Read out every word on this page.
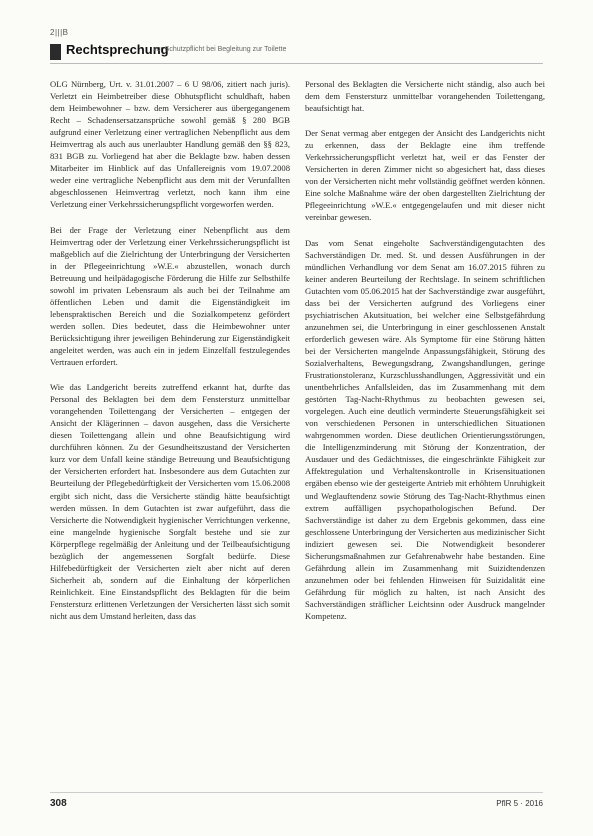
2|||B
Rechtsprechung
zur Schutzpflicht bei Begleitung zur Toilette

OLG Nürnberg, Urt. v. 31.01.2007 – 6 U 98/06, zitiert nach juris). Verletzt ein Heimbetreiber diese Obhutspflicht schuldhaft, haben dem Heimbewohner – bzw. dem Versicherer aus übergegangenem Recht – Schadensersatzansprüche sowohl gemäß § 280 BGB aufgrund einer Verletzung einer vertraglichen Nebenpflicht aus dem Heimvertrag als auch aus unerlaubter Handlung gemäß den §§ 823, 831 BGB zu. Vorliegend hat aber die Beklagte bzw. haben dessen Mitarbeiter im Hinblick auf das Unfallereignis vom 19.07.2008 weder eine vertragliche Nebenpflicht aus dem mit der Verunfallten abgeschlossenen Heimvertrag verletzt, noch kann ihm eine Verletzung einer Verkehrssicherungspflicht vorgeworfen werden.

Bei der Frage der Verletzung einer Nebenpflicht aus dem Heimvertrag oder der Verletzung einer Verkehrssicherungspflicht ist maßgeblich auf die Zielrichtung der Unterbringung der Versicherten in der Pflegeeinrichtung »W.E.« abzustellen, wonach durch Betreuung und heilpädagogische Förderung die Hilfe zur Selbsthilfe sowohl im privaten Lebensraum als auch bei der Teilnahme am öffentlichen Leben und damit die Eigenständigkeit im lebenspraktischen Bereich und die Sozialkompetenz gefördert werden sollen. Dies bedeutet, dass die Heimbewohner unter Berücksichtigung ihrer jeweiligen Behinderung zur Eigenständigkeit angeleitet werden, was auch ein in jedem Einzelfall festzulegendes Vertrauen erfordert.

Wie das Landgericht bereits zutreffend erkannt hat, durfte das Personal des Beklagten bei dem dem Fenstersturz unmittelbar vorangehenden Toilettengang der Versicherten – entgegen der Ansicht der Klägerinnen – davon ausgehen, dass die Versicherte diesen Toilettengang allein und ohne Beaufsichtigung wird durchführen können. Zu der Gesundheitszustand der Versicherten kurz vor dem Unfall keine ständige Betreuung und Beaufsichtigung der Versicherten erfordert hat. Insbesondere aus dem Gutachten zur Beurteilung der Pflegebedürftigkeit der Versicherten vom 15.06.2008 ergibt sich nicht, dass die Versicherte ständig hätte beaufsichtigt werden müssen. In dem Gutachten ist zwar aufgeführt, dass die Versicherte die Notwendigkeit hygienischer Verrichtungen verkenne, eine mangelnde hygienische Sorgfalt bestehe und sie zur Körperpflege regelmäßig der Anleitung und der Teilbeaufsichtigung bezüglich der angemessenen Sorgfalt bedürfe. Diese Hilfebedürftigkeit der Versicherten zielt aber nicht auf deren Sicherheit ab, sondern auf die Einhaltung der körperlichen Reinlichkeit. Eine Einstandspflicht des Beklagten für die beim Fenstersturz erlittenen Verletzungen der Versicherten lässt sich somit nicht aus dem Umstand herleiten, dass das

Personal des Beklagten die Versicherte nicht ständig, also auch bei dem dem Fenstersturz unmittelbar vorangehenden Toilettengang, beaufsichtigt hat.

Der Senat vermag aber entgegen der Ansicht des Landgerichts nicht zu erkennen, dass der Beklagte eine ihm treffende Verkehrssicherungspflicht verletzt hat, weil er das Fenster der Versicherten in deren Zimmer nicht so abgesichert hat, dass dieses von der Versicherten nicht mehr vollständig geöffnet werden können. Eine solche Maßnahme wäre der oben dargestellten Zielrichtung der Pflegeeinrichtung »W.E.« entgegengelaufen und mit dieser nicht vereinbar gewesen.

Das vom Senat eingeholte Sachverständigengutachten des Sachverständigen Dr. med. St. und dessen Ausführungen in der mündlichen Verhandlung vor dem Senat am 16.07.2015 führen zu keiner anderen Beurteilung der Rechtslage. In seinem schriftlichen Gutachten vom 05.06.2015 hat der Sachverständige zwar ausgeführt, dass bei der Versicherten aufgrund des Vorliegens einer psychiatrischen Akutsituation, bei welcher eine Selbstgefährdung anzunehmen sei, die Unterbringung in einer geschlossenen Anstalt erforderlich gewesen wäre. Als Symptome für eine Störung hätten bei der Versicherten mangelnde Anpassungsfähigkeit, Störung des Sozialverhaltens, Bewegungsdrang, Zwangshandlungen, geringe Frustrationstoleranz, Kurzschlusshandlungen, Aggressivität und ein unentbehrliches Anfallsleiden, das im Zusammenhang mit dem gestörten Tag-Nacht-Rhythmus zu beobachten gewesen sei, vorgelegen. Auch eine deutlich verminderte Steuerungsfähigkeit sei von verschiedenen Personen in unterschiedlichen Situationen wahrgenommen worden. Diese deutlichen Orientierungsstörungen, die Intelligenzminderung mit Störung der Konzentration, der Ausdauer und des Gedächtnisses, die eingeschränkte Fähigkeit zur Affektregulation und Verhaltenskontrolle in Krisensituationen ergäben ebenso wie der gesteigerte Antrieb mit erhöhtem Unruhigkeit und Weglauftendenz sowie Störung des Tag-Nacht-Rhythmus einen extrem auffälligen psychopathologischen Befund. Der Sachverständige ist daher zu dem Ergebnis gekommen, dass eine geschlossene Unterbringung der Versicherten aus medizinischer Sicht indiziert gewesen sei. Die Notwendigkeit besonderer Sicherungsmaßnahmen zur Gefahrenabwehr habe bestanden. Eine Gefährdung allein im Zusammenhang mit Suizidtendenzen anzunehmen oder bei fehlenden Hinweisen für Suizidalität eine Gefährdung für möglich zu halten, ist nach Ansicht des Sachverständigen sträflicher Leichtsinn oder Ausdruck mangelnder Kompetenz.

308	PflR 5 · 2016
